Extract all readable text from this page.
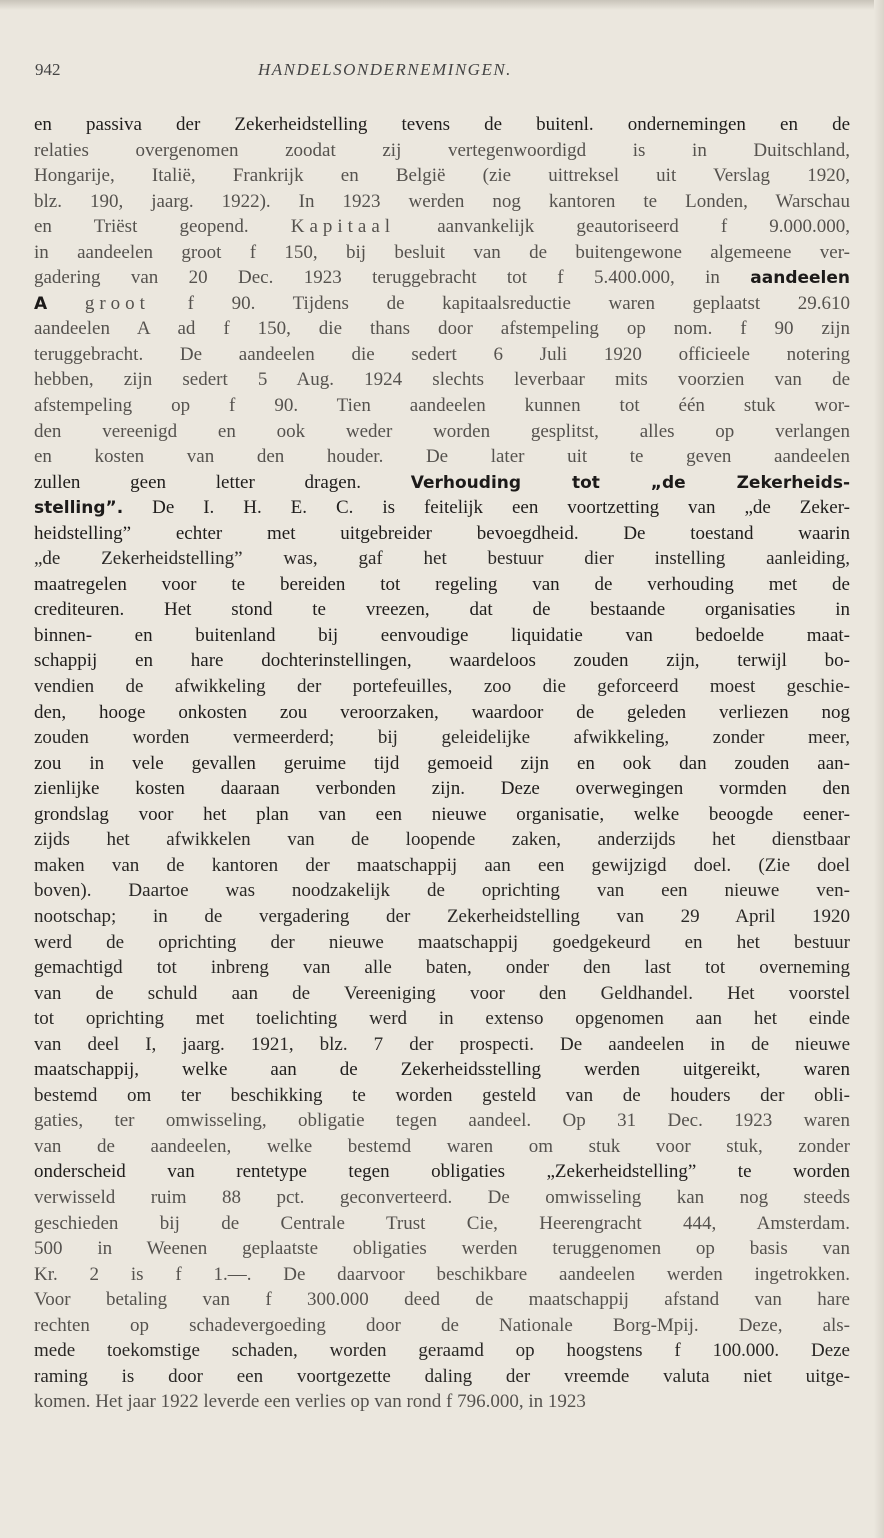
942	HANDELSONDERNEMINGEN.
en passiva der Zekerheidstelling tevens de buitenl. ondernemingen en de
relaties overgenomen zoodat zij vertegenwoordigd is in Duitschland,
Hongarije, Italië, Frankrijk en België (zie uittreksel uit Verslag 1920,
blz. 190, jaarg. 1922). In 1923 werden nog kantoren te Londen, Warschau
en Triëst geopend. Kapitaal aanvankelijk geautoriseerd f 9.000.000,
in aandeelen groot f 150, bij besluit van de buitengewone algemeene ver-
gadering van 20 Dec. 1923 teruggebracht tot f 5.400.000, in aandeelen
A groot f 90. Tijdens de kapitaalsreductie waren geplaatst 29.610
aandeelen A ad f 150, die thans door afstempeling op nom. f 90 zijn
teruggebracht. De aandeelen die sedert 6 Juli 1920 officieele notering
hebben, zijn sedert 5 Aug. 1924 slechts leverbaar mits voorzien van de
afstempeling op f 90. Tien aandeelen kunnen tot één stuk wor-
den vereenigd en ook weder worden gesplitst, alles op verlangen
en kosten van den houder. De later uit te geven aandeelen
zullen geen letter dragen.	Verhouding tot „de Zekerheids-
stelling”. De I. H. E. C. is feitelijk een voortzetting van „de Zeker-
heidstelling” echter met uitgebreider bevoegdheid. De toestand waarin
„de Zekerheidstelling” was, gaf het bestuur dier instelling aanleiding,
maatregelen voor te bereiden tot regeling van de verhouding met de
crediteuren. Het stond te vreezen, dat de bestaande organisaties in
binnen- en buitenland bij eenvoudige liquidatie van bedoelde maat-
schappij en hare dochterinstellingen, waardeloos zouden zijn, terwijl bo-
vendien de afwikkeling der portefeuilles, zoo die geforceerd moest geschie-
den, hooge onkosten zou veroorzaken, waardoor de geleden verliezen nog
zouden worden vermeerderd; bij geleidelijke afwikkeling, zonder meer,
zou in vele gevallen geruime tijd gemoeid zijn en ook dan zouden aan-
zienlijke kosten daaraan verbonden zijn. Deze overwegingen vormden den
grondslag voor het plan van een nieuwe organisatie, welke beoogde eener-
zijds het afwikkelen van de loopende zaken, anderzijds het dienstbaar
maken van de kantoren der maatschappij aan een gewijzigd doel. (Zie doel
boven). Daartoe was noodzakelijk de oprichting van een nieuwe ven-
nootschap; in de vergadering der Zekerheidstelling van 29 April 1920
werd de oprichting der nieuwe maatschappij goedgekeurd en het bestuur
gemachtigd tot inbreng van alle baten, onder den last tot overneming
van de schuld aan de Vereeniging voor den Geldhandel. Het voorstel
tot oprichting met toelichting werd in extenso opgenomen aan het einde
van deel I, jaarg. 1921, blz. 7 der prospecti. De aandeelen in de nieuwe
maatschappij, welke aan de Zekerheidsstelling werden uitgereikt, waren
bestemd om ter beschikking te worden gesteld van de houders der obli-
gaties, ter omwisseling, obligatie tegen aandeel. Op 31 Dec. 1923 waren
van de aandeelen, welke bestemd waren om stuk voor stuk, zonder
onderscheid van rentetype tegen obligaties „Zekerheidstelling” te worden
verwisseld ruim 88 pct. geconverteerd. De omwisseling kan nog steeds
geschieden bij de Centrale Trust Cie, Heerengracht 444, Amsterdam.
500 in Weenen geplaatste obligaties werden teruggenomen op basis van
Kr. 2 is f 1.—. De daarvoor beschikbare aandeelen werden ingetrokken.
Voor betaling van f 300.000 deed de maatschappij afstand van hare
rechten op schadevergoeding door de Nationale Borg-Mpij. Deze, als-
mede toekomstige schaden, worden geraamd op hoogstens f 100.000. Deze
raming is door een voortgezette daling der vreemde valuta niet uitge-
komen. Het jaar 1922 leverde een verlies op van rond f 796.000, in 1923
